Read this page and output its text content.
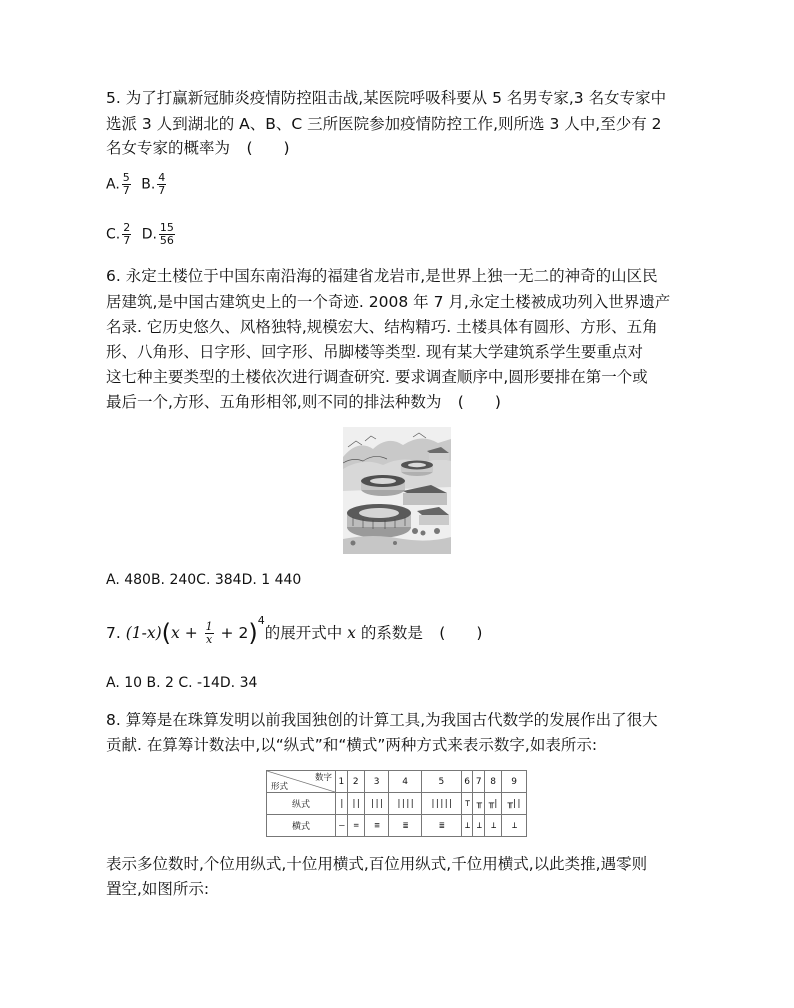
5. 为了打赢新冠肺炎疫情防控阻击战,某医院呼吸科要从 5 名男专家,3 名女专家中
选派 3 人到湖北的 A、B、C 三所医院参加疫情防控工作,则所选 3 人中,至少有 2
名女专家的概率为 (　　)
A. $\frac{5}{7} B$. $\frac{4}{7}$
C. $\frac{2}{7} D$. $\frac{15}{56}$
6. 永定土楼位于中国东南沿海的福建省龙岩市,是世界上独一无二的神奇的山区民
居建筑,是中国古建筑史上的一个奇迹. 2008 年 7 月,永定土楼被成功列入世界遗产
名录. 它历史悠久、风格独特,规模宏大、结构精巧. 土楼具体有圆形、方形、五角
形、八角形、日字形、回字形、吊脚楼等类型. 现有某大学建筑系学生要重点对
这七种主要类型的土楼依次进行调查研究. 要求调查顺序中,圆形要排在第一个或
最后一个,方形、五角形相邻,则不同的排法种数为 (　　)
A. 480B. 240C. 384D. 1 440
7. $(1-x)(x + \frac{1}{x} + 2)^4$的展开式中 x 的系数是 (　　)
A. 10 B. 2 C. -14D. 34
8. 算筹是在珠算发明以前我国独创的计算工具,为我国古代数学的发展作出了很大
贡献. 在算筹计数法中,以“纵式”和“横式”两种方式来表示数字,如表所示:
数字
形式	1	2	3	4	5	6	7	8	9
纵式	|	||	|||	||||	|||||	⊤	╥	╥|	╥||
横式	—	=	≡	≣	≣	⊥	⊥	⊥	⊥
表示多位数时,个位用纵式,十位用横式,百位用纵式,千位用横式,以此类推,遇零则
置空,如图所示:
